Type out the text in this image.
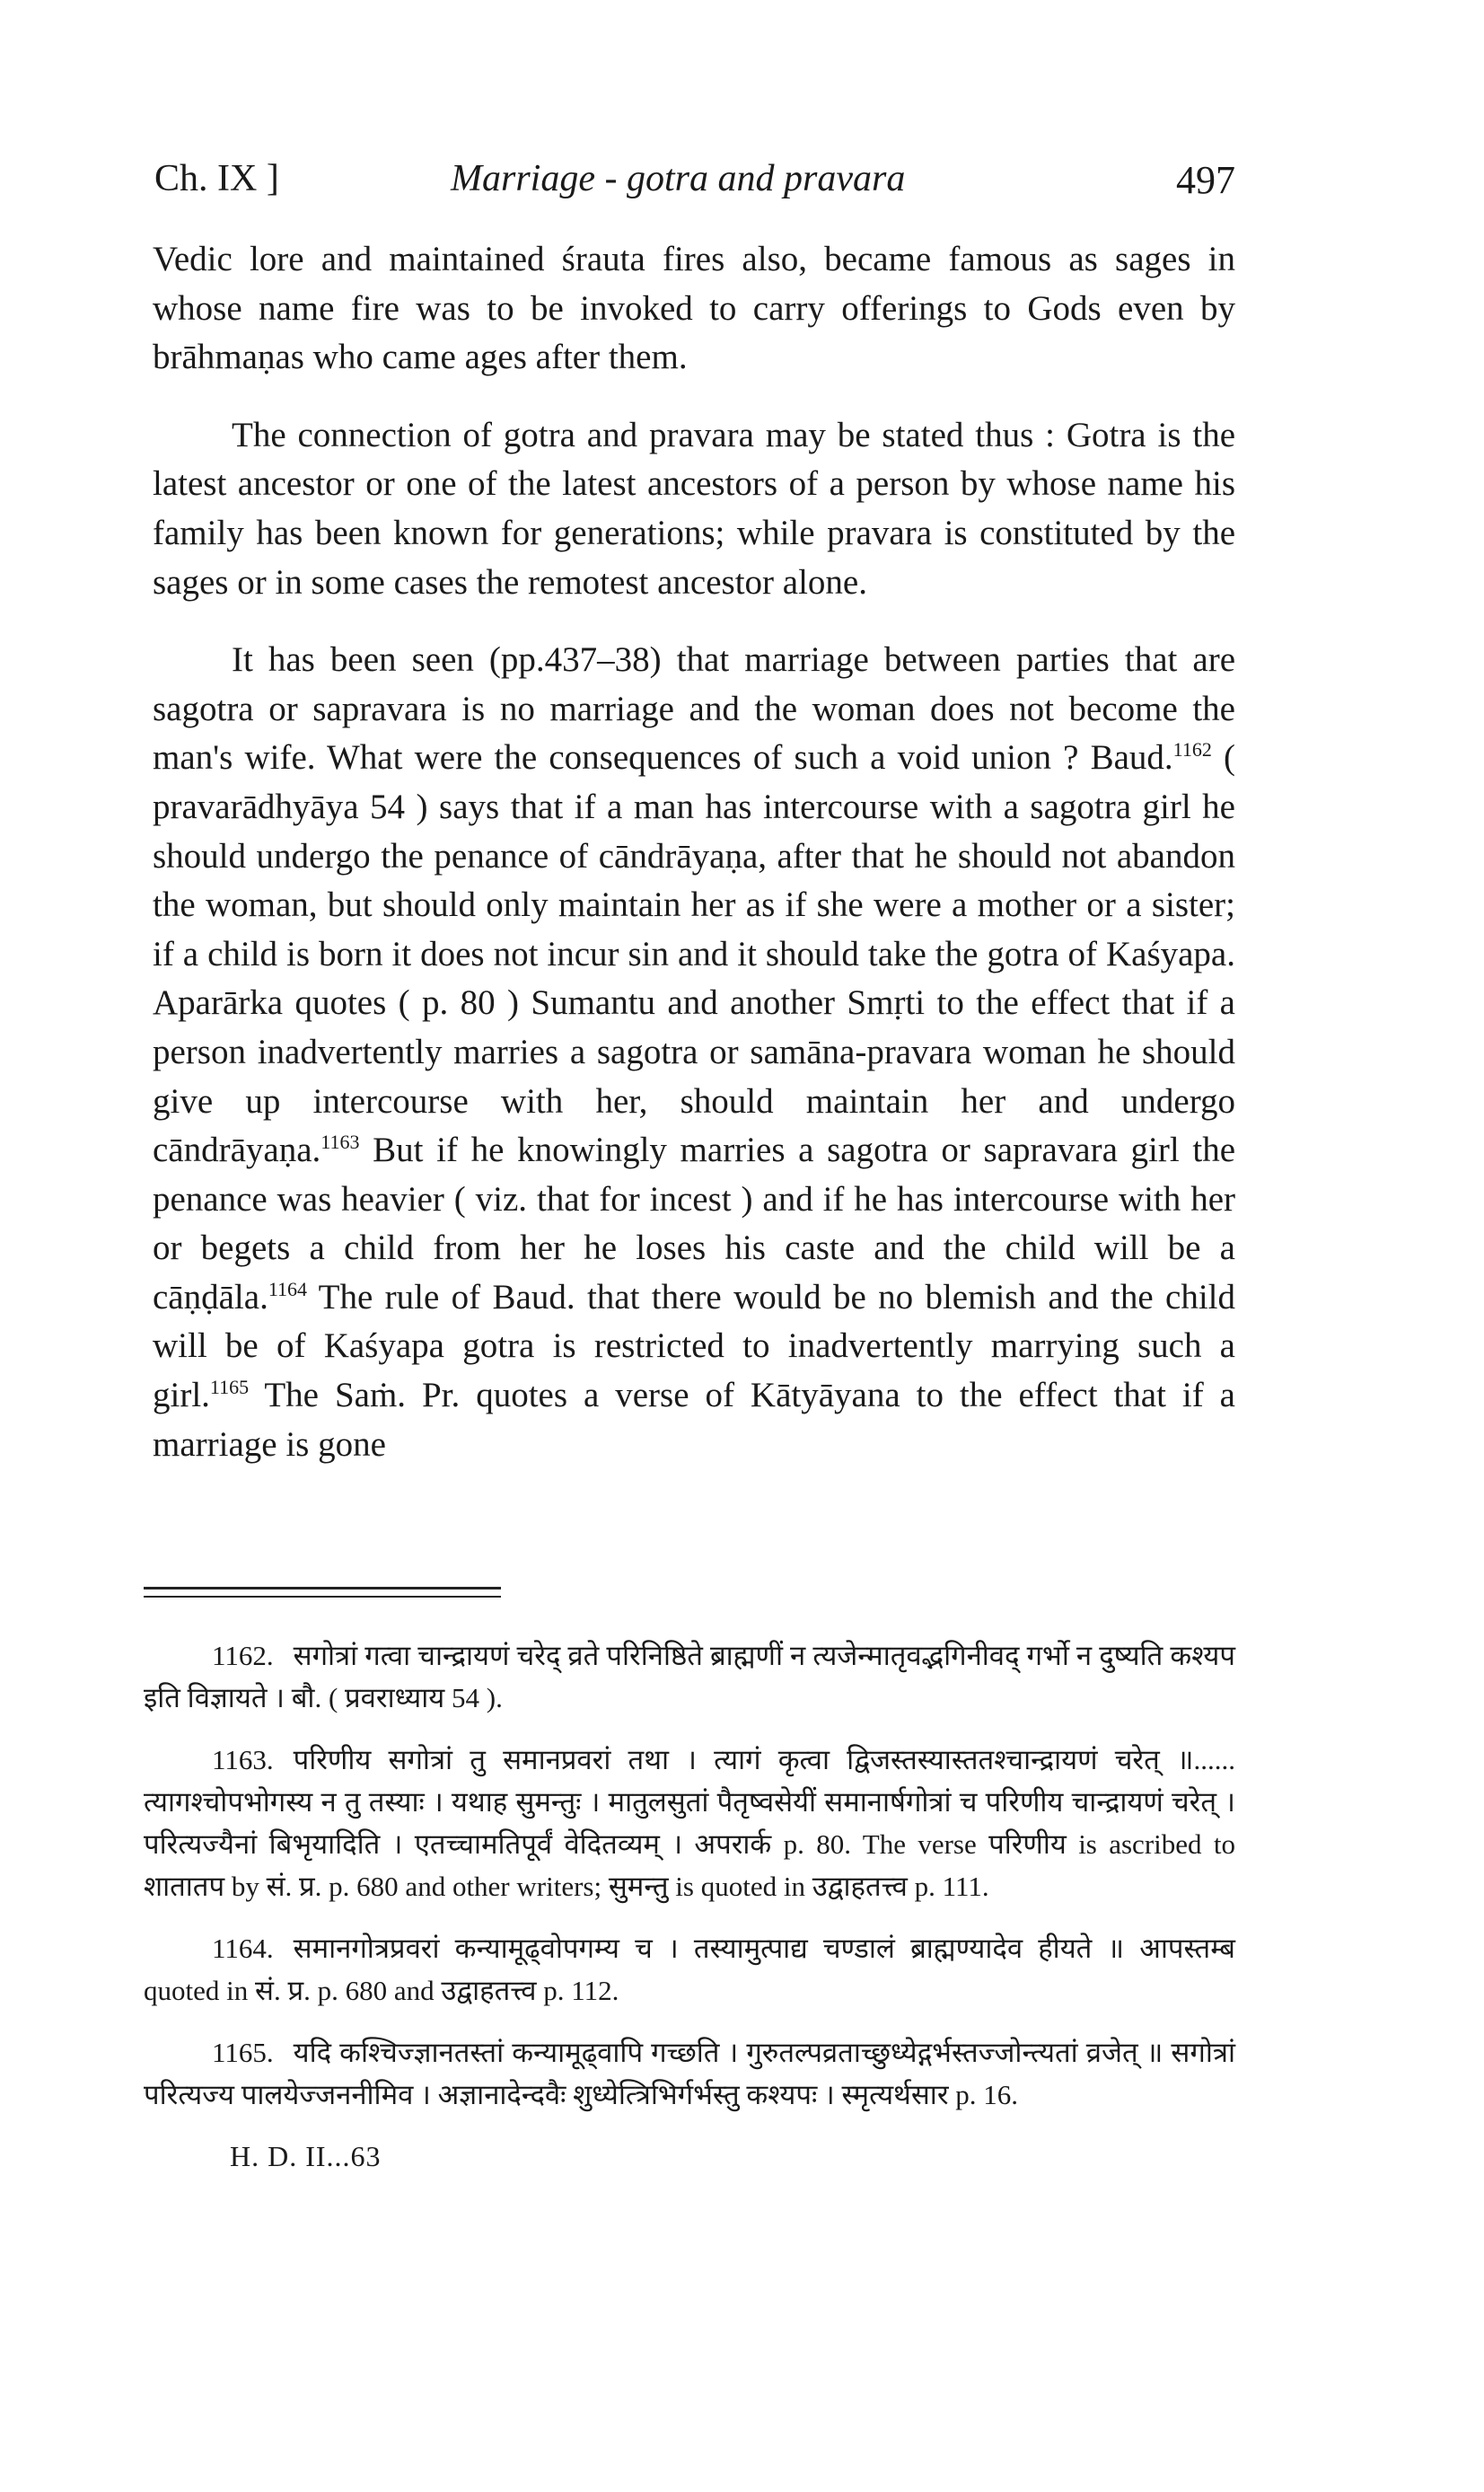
Ch. IX ]	Marriage - gotra and pravara	497

Vedic lore and maintained śrauta fires also, became famous as sages in whose name fire was to be invoked to carry offerings to Gods even by brāhmaṇas who came ages after them.

The connection of gotra and pravara may be stated thus : Gotra is the latest ancestor or one of the latest ancestors of a person by whose name his family has been known for generations; while pravara is constituted by the sages or in some cases the remotest ancestor alone.

It has been seen (pp.437–38) that marriage between parties that are sagotra or sapravara is no marriage and the woman does not become the man's wife. What were the consequences of such a void union ? Baud.$^{1162}$ ( pravarādhyāya 54 ) says that if a man has intercourse with a sagotra girl he should undergo the penance of cāndrāyaṇa, after that he should not abandon the woman, but should only maintain her as if she were a mother or a sister; if a child is born it does not incur sin and it should take the gotra of Kaśyapa. Aparārka quotes ( p. 80 ) Sumantu and another Smṛti to the effect that if a person inadvertently marries a sagotra or samāna-pravara woman he should give up intercourse with her, should maintain her and undergo cāndrāyaṇa.$^{1163}$ But if he knowingly marries a sagotra or sapravara girl the penance was heavier ( viz. that for incest ) and if he has intercourse with her or begets a child from her he loses his caste and the child will be a cāṇḍāla.$^{1164}$ The rule of Baud. that there would be no blemish and the child will be of Kaśyapa gotra is restricted to inadvertently marrying such a girl.$^{1165}$ The Saṁ. Pr. quotes a verse of Kātyāyana to the effect that if a marriage is gone

1162. सगोत्रां गत्वा चान्द्रायणं चरेद् व्रते परिनिष्ठिते ब्राह्मणीं न त्यजेन्मातृवद्भगिनीवद् गर्भो न दुष्यति कश्यप इति विज्ञायते । बौ. ( प्रवराध्याय 54 ).

1163. परिणीय सगोत्रां तु समानप्रवरां तथा । त्यागं कृत्वा द्विजस्तस्यास्ततश्चान्द्रायणं चरेत् ॥...... त्यागश्चोपभोगस्य न तु तस्याः । यथाह सुमन्तुः । मातुलसुतां पैतृष्वसेयीं समानार्षगोत्रां च परिणीय चान्द्रायणं चरेत् । परित्यज्यैनां बिभृयादिति । एतच्चामतिपूर्वं वेदितव्यम् । अपरार्क p. 80. The verse परिणीय is ascribed to शातातप by सं. प्र. p. 680 and other writers; सुमन्तु is quoted in उद्वाहतत्त्व p. 111.

1164. समानगोत्रप्रवरां कन्यामूढ्वोपगम्य च । तस्यामुत्पाद्य चण्डालं ब्राह्मण्यादेव हीयते ॥ आपस्तम्ब quoted in सं. प्र. p. 680 and उद्वाहतत्त्व p. 112.

1165. यदि कश्चिज्ज्ञानतस्तां कन्यामूढ्वापि गच्छति । गुरुतल्पव्रताच्छुध्येद्गर्भस्तज्जोन्त्यतां व्रजेत् ॥ सगोत्रां परित्यज्य पालयेज्जननीमिव । अज्ञानादेन्दवैः शुध्येत्त्रिभिर्गर्भस्तु कश्यपः । स्मृत्यर्थसार p. 16.

H. D. II...63
